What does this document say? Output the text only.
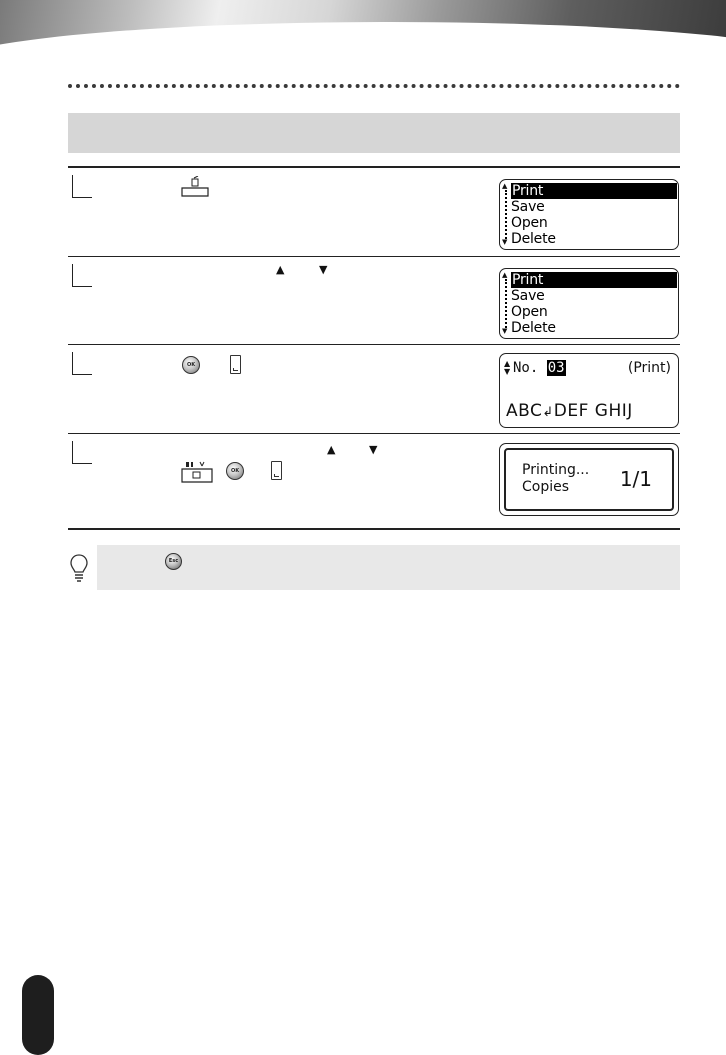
▲
▼
Print
Save
Open
Delete
▲	▼	▲
▼
Print
Save
Open
Delete
OK	▲
▼ No. 03	(Print)
ABC↲DEF GHIJ
▲	▼
OK	Printing...
Copies	1/1
Esc
